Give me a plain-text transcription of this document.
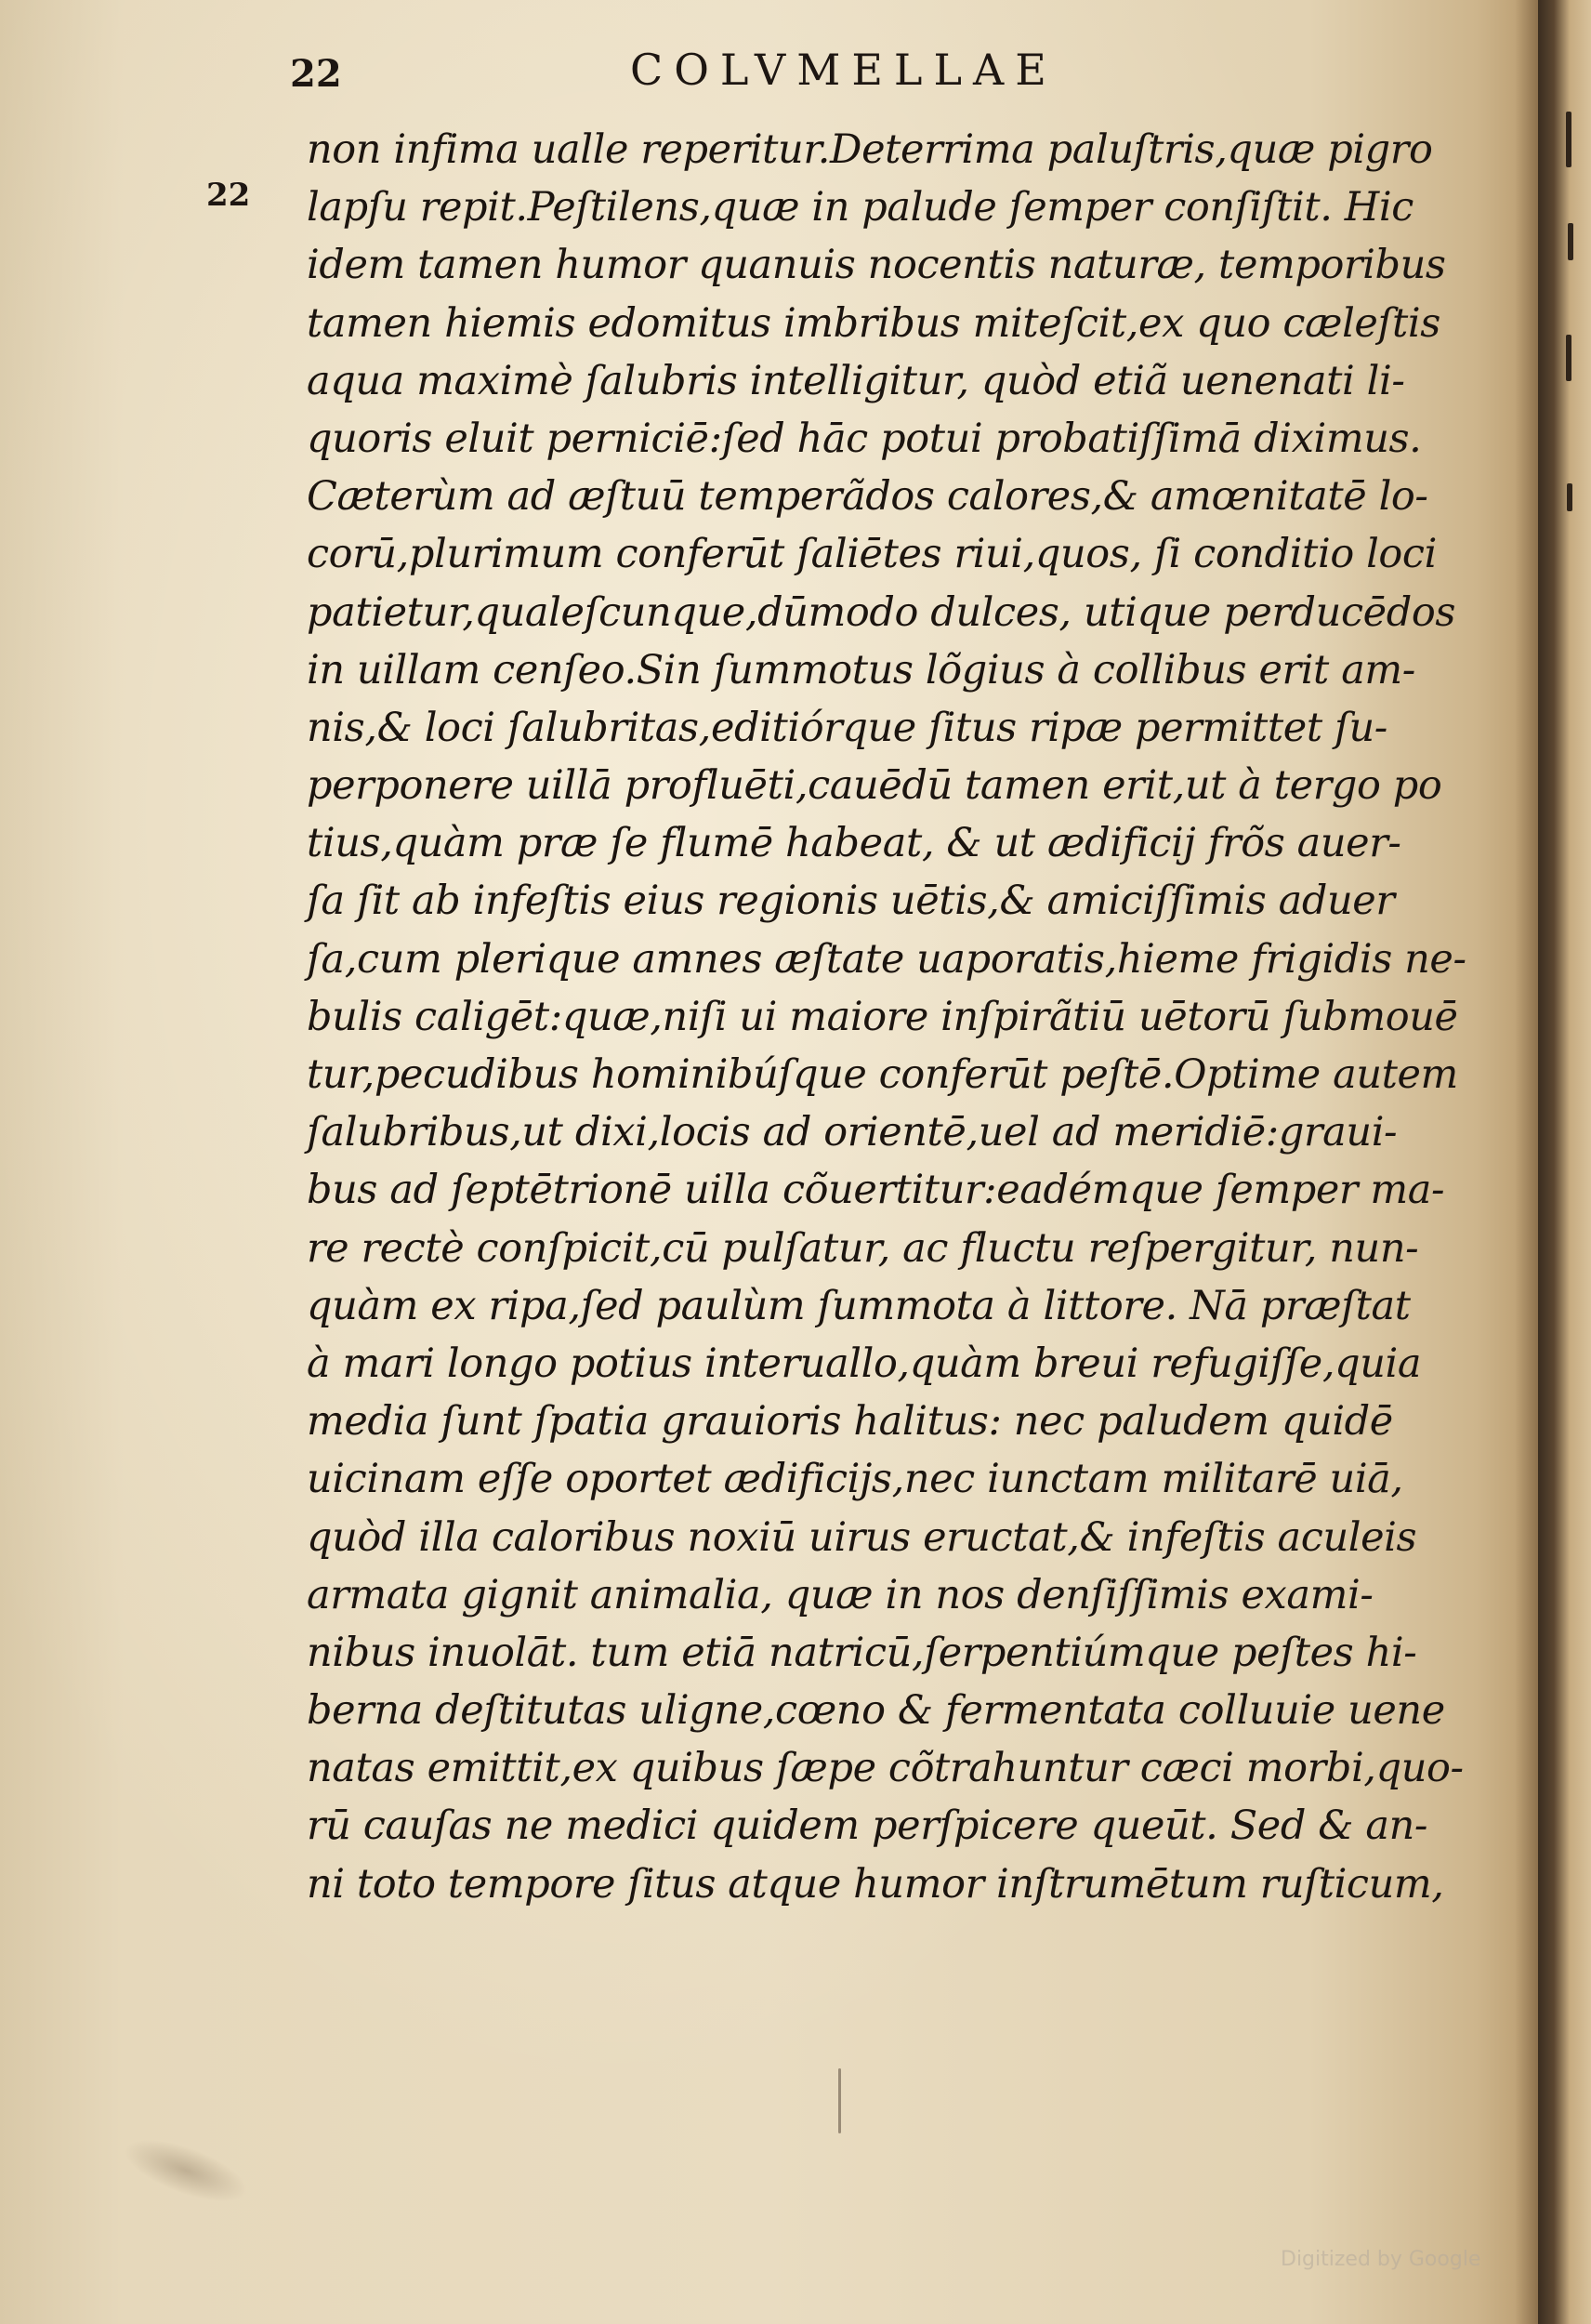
22	COLVMELLAE
22
non infima ualle reperitur.Deterrima paluſtris,quæ pigro
lapſu repit.Peſtilens,quæ in palude ſemper conſiſtit. Hic
idem tamen humor quanuis nocentis naturæ, temporibus
tamen hiemis edomitus imbribus miteſcit,ex quo cæleſtis
aqua maximè ſalubris intelligitur, quòd etiã uenenati li-
quoris eluit perniciē:ſed hāc potui probatiſſimā diximus.
Cæterùm ad æſtuū temperãdos calores,& amœnitatē lo-
corū,plurimum conferūt ſaliētes riui,quos, ſi conditio loci
patietur,qualeſcunque,dūmodo dulces, utique perducēdos
in uillam cenſeo.Sin ſummotus lõgius à collibus erit am-
nis,& loci ſalubritas,editiórque ſitus ripæ permittet ſu-
perponere uillā profluēti,cauēdū tamen erit,ut à tergo po
tius,quàm præ ſe flumē habeat, & ut ædificij frõs auer-
ſa ſit ab infeſtis eius regionis uētis,& amiciſſimis aduer
ſa,cum plerique amnes æſtate uaporatis,hieme frigidis ne-
bulis caligēt:quæ,niſi ui maiore inſpirãtiū uētorū ſubmouē
tur,pecudibus hominibúſque conferūt peſtē.Optime autem
ſalubribus,ut dixi,locis ad orientē,uel ad meridiē:graui-
bus ad ſeptētrionē uilla cõuertitur:eadémque ſemper ma-
re rectè conſpicit,cū pulſatur, ac fluctu reſpergitur, nun-
quàm ex ripa,ſed paulùm ſummota à littore. Nā præſtat
à mari longo potius interuallo,quàm breui refugiſſe,quia
media ſunt ſpatia grauioris halitus: nec paludem quidē
uicinam eſſe oportet ædificijs,nec iunctam militarē uiā,
quòd illa caloribus noxiū uirus eructat,& infeſtis aculeis
armata gignit animalia, quæ in nos denſiſſimis exami-
nibus inuolāt. tum etiā natricū,ſerpentiúmque peſtes hi-
berna deſtitutas uligne,cœno & fermentata colluuie uene
natas emittit,ex quibus ſæpe cõtrahuntur cæci morbi,quo-
rū cauſas ne medici quidem perſpicere queūt. Sed & an-
ni toto tempore ſitus atque humor inſtrumētum ruſticum,
Digitized by Google
